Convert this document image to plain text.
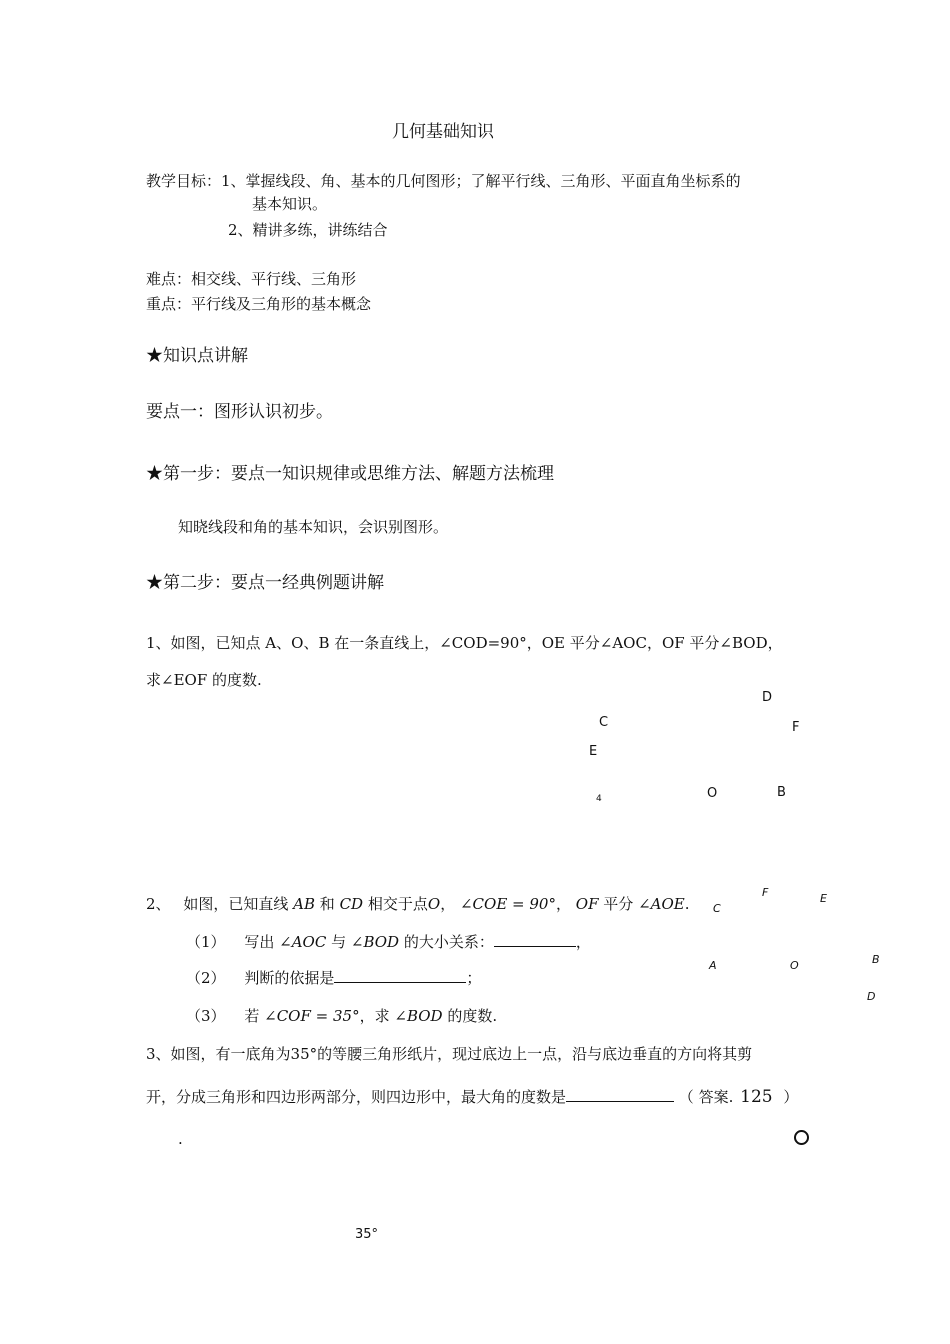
几何基础知识
教学目标：1、掌握线段、角、基本的几何图形；了解平行线、三角形、平面直角坐标系的
基本知识。
2、精讲多练，讲练结合
难点：相交线、平行线、三角形
重点：平行线及三角形的基本概念
★知识点讲解
要点一：图形认识初步。
★第一步：要点一知识规律或思维方法、解题方法梳理
知晓线段和角的基本知识，会识别图形。
★第二步：要点一经典例题讲解
1、如图，已知点 A、O、B 在一条直线上，∠COD=90°，OE 平分∠AOC，OF 平分∠BOD，
求∠EOF 的度数.
D
C	F
E
4	O	B
2、 如图，已知直线 AB 和 CD 相交于点O， ∠COE = 90°， OF 平分 ∠AOE.
（1） 写出 ∠AOC 与 ∠BOD 的大小关系：	，
（2） 判断的依据是	；
（3） 若 ∠COF = 35°，求 ∠BOD 的度数.
F	E
C
A	O	B
D
3、如图，有一底角为35°的等腰三角形纸片，现过底边上一点，沿与底边垂直的方向将其剪
开，分成三角形和四边形两部分，则四边形中，最大角的度数是	（ 答案. 125 ）
.
35°
